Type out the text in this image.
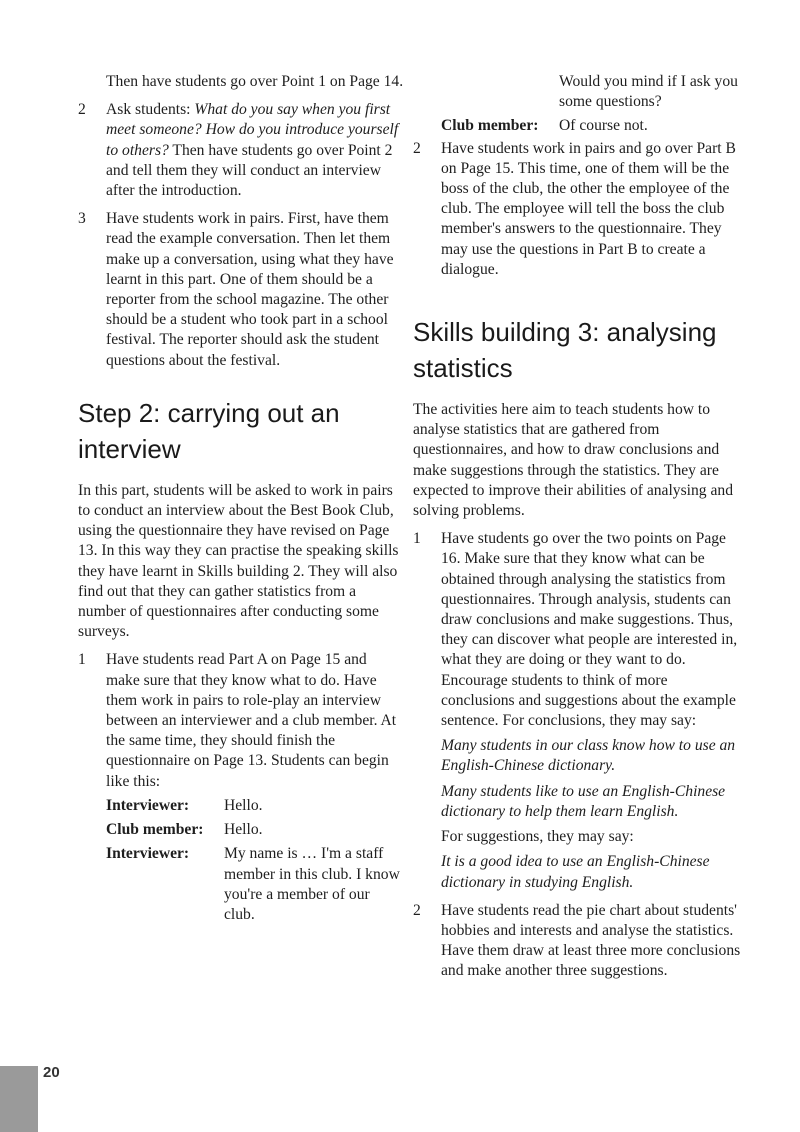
Then have students go over Point 1 on Page 14.

2	Ask students: What do you say when you first meet someone? How do you introduce yourself to others? Then have students go over Point 2 and tell them they will conduct an interview after the introduction.
3	Have students work in pairs. First, have them read the example conversation. Then let them make up a conversation, using what they have learnt in this part. One of them should be a reporter from the school magazine. The other should be a student who took part in a school festival. The reporter should ask the student questions about the festival.
Step 2: carrying out an interview

In this part, students will be asked to work in pairs to conduct an interview about the Best Book Club, using the questionnaire they have revised on Page 13. In this way they can practise the speaking skills they have learnt in Skills building 2. They will also find out that they can gather statistics from a number of questionnaires after conducting some surveys.

1	Have students read Part A on Page 15 and make sure that they know what to do. Have them work in pairs to role-play an interview between an interviewer and a club member. At the same time, they should finish the questionnaire on Page 13. Students can begin like this:

Interviewer:	Hello.
Club member:	Hello.
Interviewer:	My name is … I'm a staff member in this club. I know you're a member of our club.
Would you mind if I ask you some questions?
Club member:	Of course not.
2	Have students work in pairs and go over Part B on Page 15. This time, one of them will be the boss of the club, the other the employee of the club. The employee will tell the boss the club member's answers to the questionnaire. They may use the questions in Part B to create a dialogue.
Skills building 3: analysing statistics

The activities here aim to teach students how to analyse statistics that are gathered from questionnaires, and how to draw conclusions and make suggestions through the statistics. They are expected to improve their abilities of analysing and solving problems.

1	Have students go over the two points on Page 16. Make sure that they know what can be obtained through analysing the statistics from questionnaires. Through analysis, students can draw conclusions and make suggestions. Thus, they can discover what people are interested in, what they are doing or they want to do. Encourage students to think of more conclusions and suggestions about the example sentence. For conclusions, they may say:

Many students in our class know how to use an English-Chinese dictionary.

Many students like to use an English-Chinese dictionary to help them learn English.

For suggestions, they may say:

It is a good idea to use an English-Chinese dictionary in studying English.

2	Have students read the pie chart about students' hobbies and interests and analyse the statistics. Have them draw at least three more conclusions and make another three suggestions.
20
